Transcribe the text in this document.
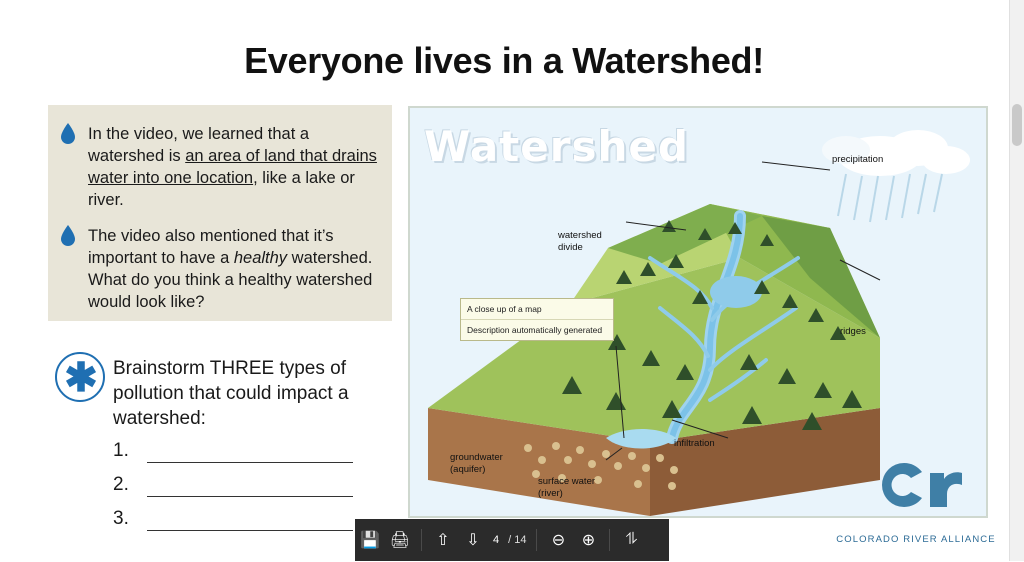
Everyone lives in a Watershed!
In the video, we learned that a watershed is an area of land that drains water into one location, like a lake or river.
The video also mentioned that it’s important to have a healthy watershed. What do you think a healthy watershed would look like?
✱ Brainstorm THREE types of pollution that could impact a watershed:
1.
2.
3.
Watershed	precipitation
watershed
divide
ridges
infiltration
groundwater
(aquifer)
surface water
(river)
A close up of a map
Description automatically generated
COLORADO RIVER ALLIANCE
💾 🖨	⇧	⇩	4 / 14	⊖	⊕	⥮
